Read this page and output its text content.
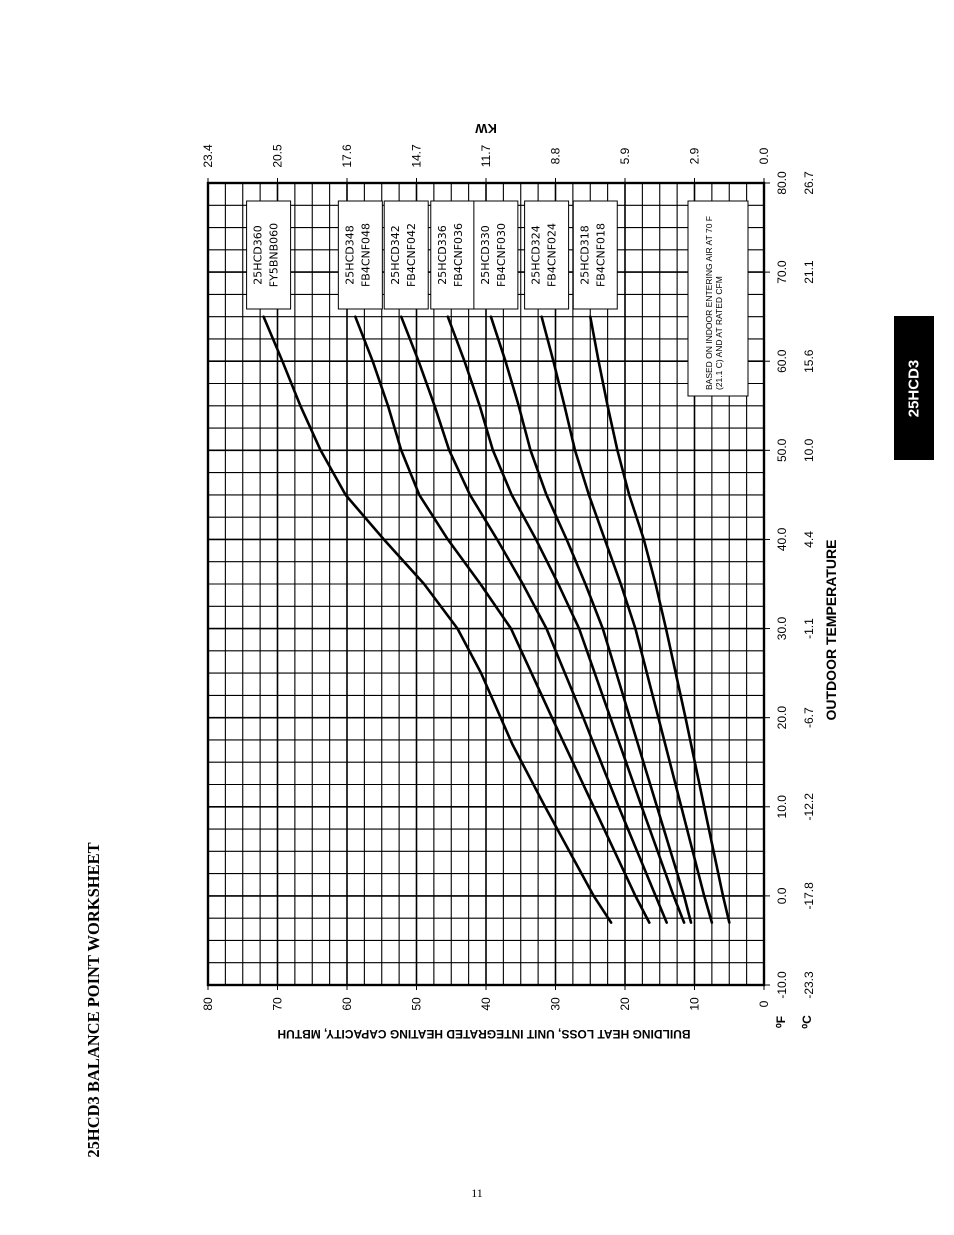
25HCD360 FY5BNB060	25HCD348 FB4CNF048 25HCD342 FB4CNF042 25HCD336 FB4CNF036 25HCD330 FB4CNF030 25HCD324 FB4CNF024 25HCD318 FB4CNF018
0
10
20
30
40
50
60
70
80
0.0
2.9
5.9
8.8
11.7
14.7
17.6
20.5
23.4
-10.0
0.0
10.0
20.0
30.0
40.0
50.0
60.0
70.0
80.0
-23.3
-17.8
-12.2
-6.7
-1.1
4.4
10.0
15.6
21.1
26.7
25HCD3 BALANCE POINT WORKSHEET	BUILDING HEAT LOSS, UNIT INTEGRATED HEATING CAPACITY, MBTUH
KW
OUTDOOR TEMPERATURE
⁰F ⁰C
BASED ON INDOOR ENTERING AIR AT 70 F (21.1 C) AND AT RATED CFM	25HCD3
11
